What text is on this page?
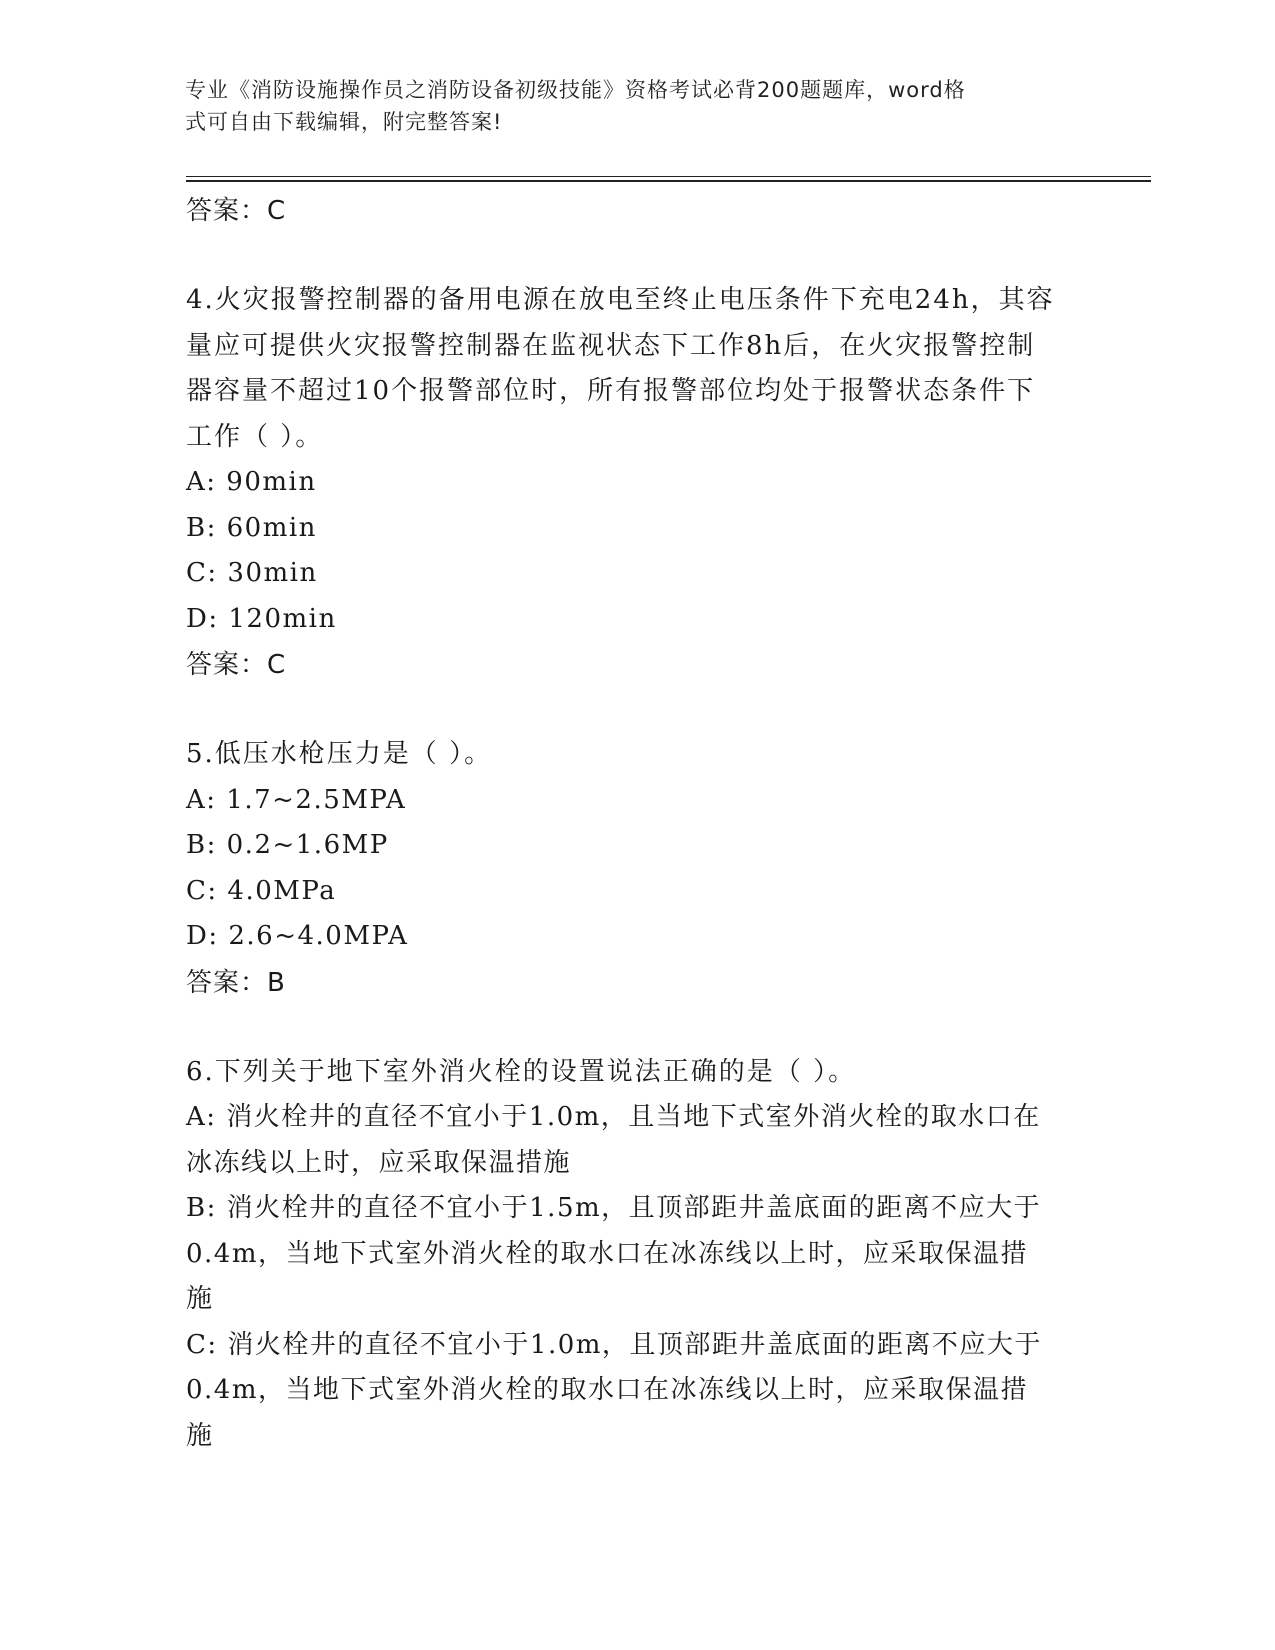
专业《消防设施操作员之消防设备初级技能》资格考试必背200题题库，word格
式可自由下载编辑，附完整答案!
答案：C
4.火灾报警控制器的备用电源在放电至终止电压条件下充电24h，其容
量应可提供火灾报警控制器在监视状态下工作8h后，在火灾报警控制
器容量不超过10个报警部位时，所有报警部位均处于报警状态条件下
工作（ ）。
A: 90min
B: 60min
C: 30min
D: 120min
答案：C
5.低压水枪压力是（ ）。
A: 1.7~2.5MPA
B: 0.2~1.6MP
C: 4.0MPa
D: 2.6~4.0MPA
答案：B
6.下列关于地下室外消火栓的设置说法正确的是（ ）。
A: 消火栓井的直径不宜小于1.0m，且当地下式室外消火栓的取水口在
冰冻线以上时，应采取保温措施
B: 消火栓井的直径不宜小于1.5m，且顶部距井盖底面的距离不应大于
0.4m，当地下式室外消火栓的取水口在冰冻线以上时，应采取保温措
施
C: 消火栓井的直径不宜小于1.0m，且顶部距井盖底面的距离不应大于
0.4m，当地下式室外消火栓的取水口在冰冻线以上时，应采取保温措
施
